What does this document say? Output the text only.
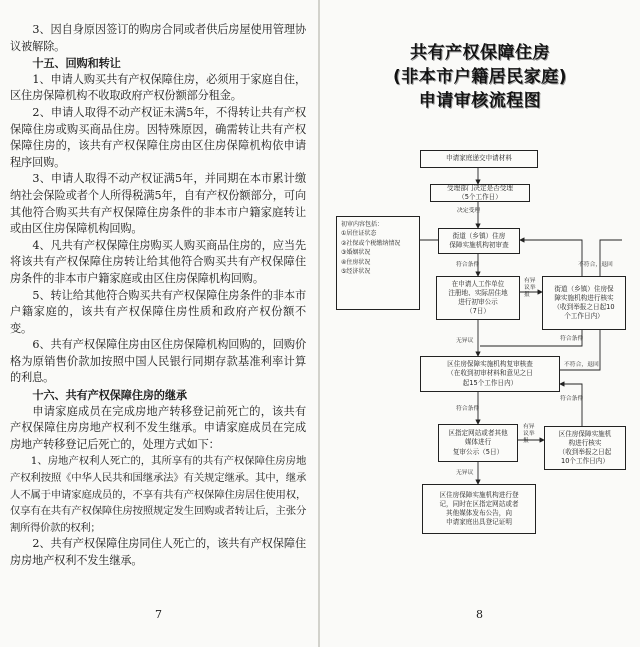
3、因自身原因签订的购房合同或者供后房屋使用管理协议被解除。

十五、回购和转让

1、申请人购买共有产权保障住房，必须用于家庭自住，区住房保障机构不收取政府产权份额部分租金。

2、申请人取得不动产权证未满5年，不得转让共有产权保障住房或购买商品住房。因特殊原因，确需转让共有产权保障住房的，该共有产权保障住房由区住房保障机构依申请程序回购。

3、申请人取得不动产权证满5年，并同期在本市累计缴纳社会保险或者个人所得税满5年，自有产权份额部分，可向其他符合购买共有产权保障住房条件的非本市户籍家庭转让或由区住房保障机构回购。

4、凡共有产权保障住房购买人购买商品住房的，应当先将该共有产权保障住房转让给其他符合购买共有产权保障住房条件的非本市户籍家庭或由区住房保障机构回购。

5、转让给其他符合购买共有产权保障住房条件的非本市户籍家庭的，该共有产权保障住房性质和政府产权份额不变。

6、共有产权保障住房由区住房保障机构回购的，回购价格为原销售价款加按照中国人民银行同期存款基准利率计算的利息。

十六、共有产权保障住房的继承

申请家庭成员在完成房地产转移登记前死亡的，该共有产权保障住房房地产权利不发生继承。申请家庭成员在完成房地产转移登记后死亡的，处理方式如下：

1、房地产权利人死亡的，其所享有的共有产权保障住房房地产权利按照《中华人民共和国继承法》有关规定继承。其中，继承人不属于申请家庭成员的，不享有共有产权保障住房居住使用权，仅享有在共有产权保障住房按照规定发生回购或者转让后，主张分割所得价款的权利；

2、共有产权保障住房同住人死亡的，该共有产权保障住房房地产权利不发生继承。

7
共有产权保障住房
(非本市户籍居民家庭)
申请审核流程图
申请家庭递交申请材料
受理部门决定是否受理
（5个工作日）
决定受理
初审内容包括：
①居住证状态
②社保或个税缴纳情况
③婚姻状况
④住房状况
⑤经济状况
街道（乡镇）住房
保障实施机构初审查
符合条件
在申请人工作单位
注册地、实际居住地
进行初审公示
（7日）
有异
议举
报
街道（乡镇）住房保
障实施机构进行核实
（收到举报之日起10
个工作日内）
不符合，退回
符合条件
无异议
区住房保障实施机构复审核查
（在收到初审材料和意见之日
起15个工作日内）
不符合，退回
符合条件
区指定网站或者其他
媒体进行
复审公示（5日）
有异
议举
报
区住房保障实施机
构进行核实
（收到举报之日起
10个工作日内）
符合条件
无异议
区住房保障实施机构进行登
记，同时在区指定网站或者
其他媒体发布公告，向
申请家庭出具登记证明
8
